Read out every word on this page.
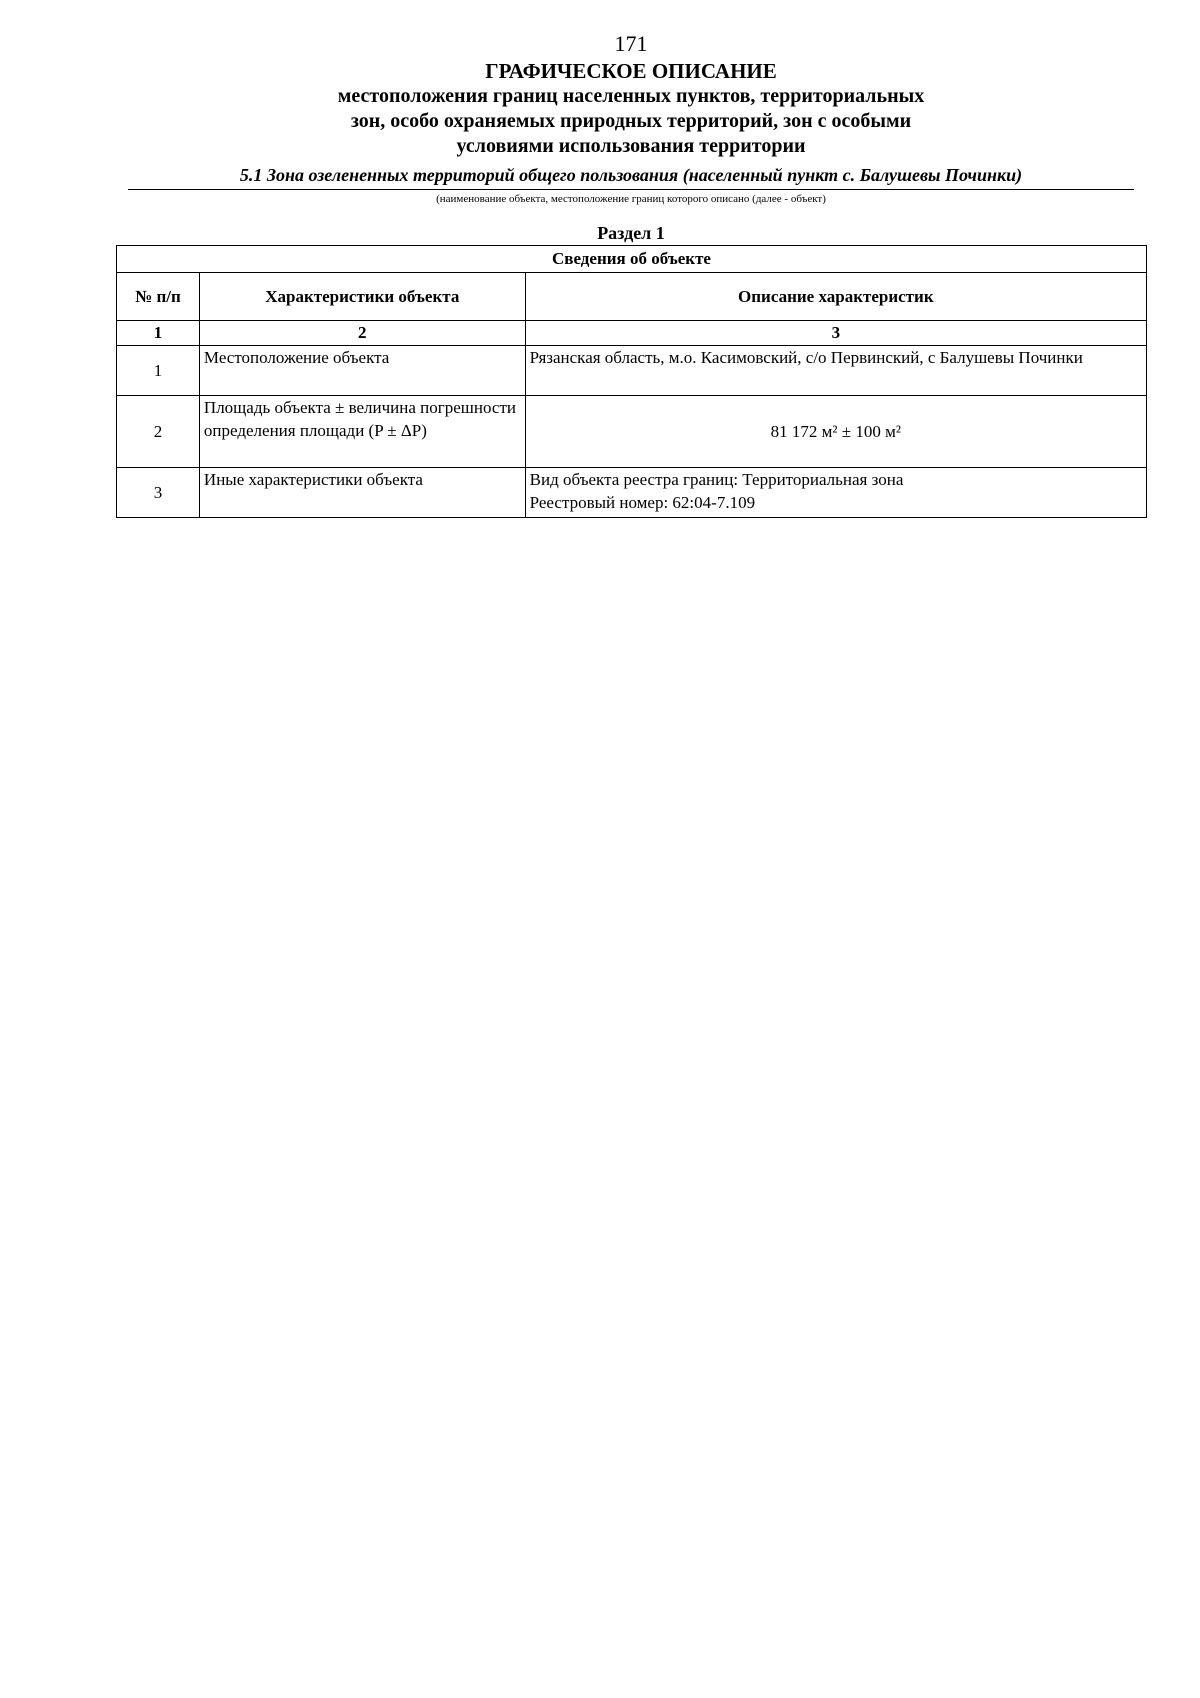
171
ГРАФИЧЕСКОЕ ОПИСАНИЕ
местоположения границ населенных пунктов, территориальных
зон, особо охраняемых природных территорий, зон с особыми
условиями использования территории
5.1 Зона озелененных территорий общего пользования (населенный пункт с. Балушевы Починки)
(наименование объекта, местоположение границ которого описано (далее - объект)
Раздел 1
Сведения об объекте		
№ п/п	Характеристики объекта	Описание характеристик
1	2	3
1	Местоположение объекта	Рязанская область, м.о. Касимовский, с/о Первинский, с Балушевы Починки

2	Площадь объекта ± величина погрешности определения площади (P ± ΔP)	81 172 м² ± 100 м²

3	Иные характеристики объекта	Вид объекта реестра границ: Территориальная зона
Реестровый номер: 62:04-7.109
